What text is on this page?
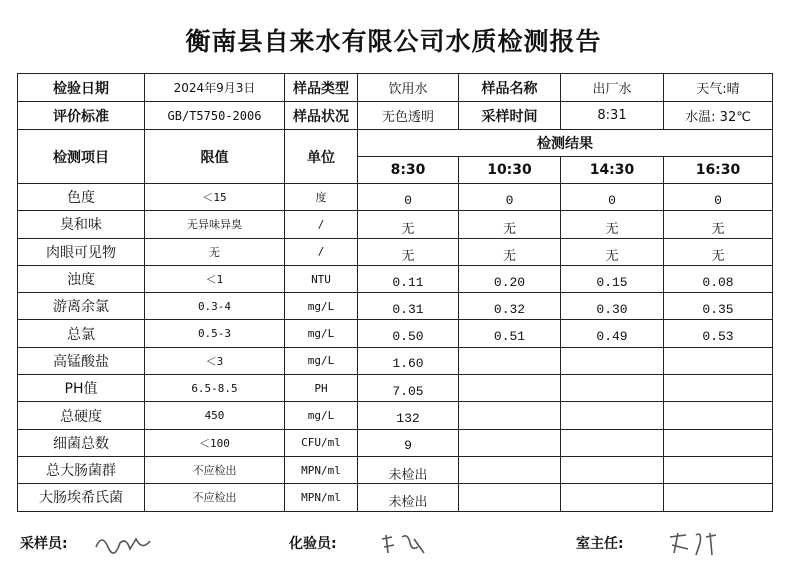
衡南县自来水有限公司水质检测报告
检验日期	2024年9月3日	样品类型	饮用水	样品名称	出厂水	天气:晴
评价标准	GB/T5750-2006	样品状况	无色透明	采样时间	8:31	水温: 32℃
检测项目	限值	单位	检测结果			
			8:30	10:30	14:30	16:30
色度	＜15	度	0	0	0	0
臭和味	无异味异臭	/	无	无	无	无
肉眼可见物	无	/	无	无	无	无
浊度	＜1	NTU	0.11	0.20	0.15	0.08
游离余氯	0.3-4	mg/L	0.31	0.32	0.30	0.35
总氯	0.5-3	mg/L	0.50	0.51	0.49	0.53
高锰酸盐	＜3	mg/L	1.60			
PH值	6.5-8.5	PH	7.05			
总硬度	450	mg/L	132			
细菌总数	＜100	CFU/ml	9			
总大肠菌群	不应检出	MPN/ml	未检出			
大肠埃希氏菌	不应检出	MPN/ml	未检出			
采样员:	化验员:	室主任:
